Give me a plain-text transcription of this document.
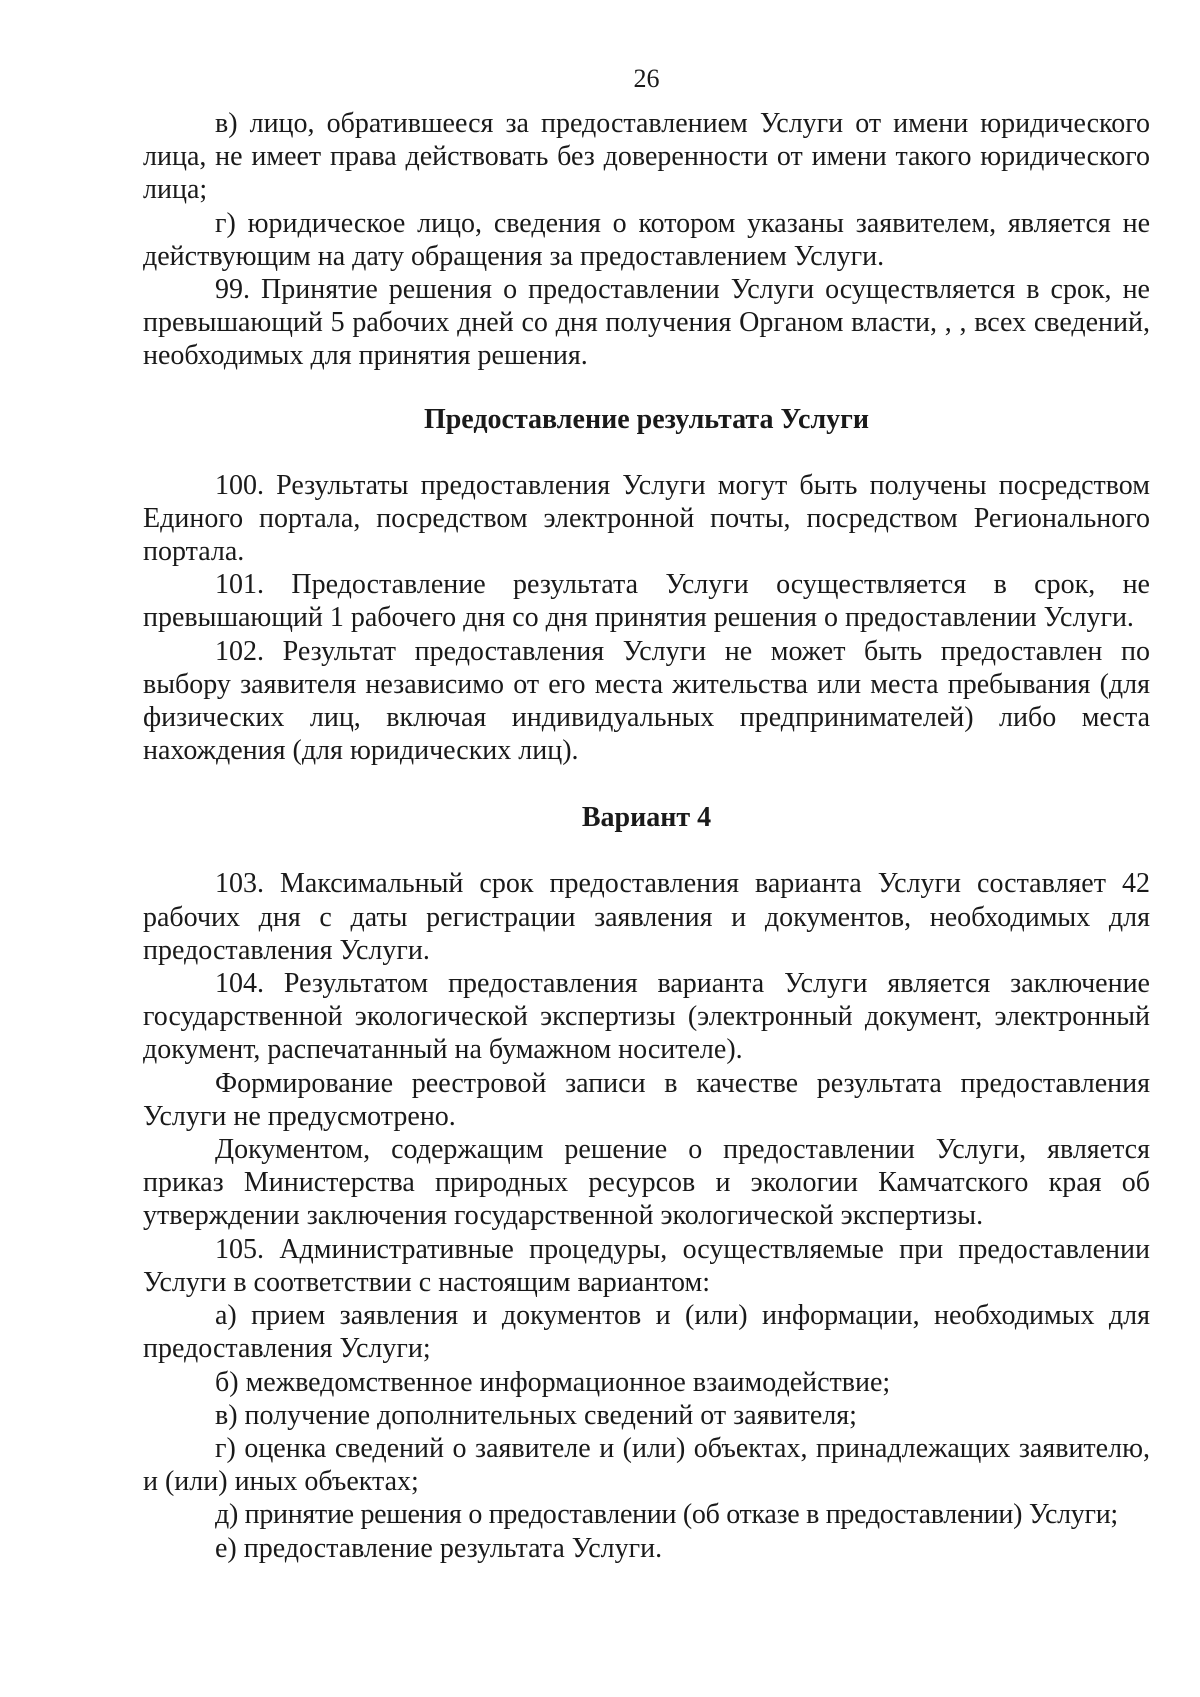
26

в) лицо, обратившееся за предоставлением Услуги от имени юридического лица, не имеет права действовать без доверенности от имени такого юридического лица;

г) юридическое лицо, сведения о котором указаны заявителем, является не действующим на дату обращения за предоставлением Услуги.

99. Принятие решения о предоставлении Услуги осуществляется в срок, не превышающий 5 рабочих дней со дня получения Органом власти, , , всех сведений, необходимых для принятия решения.

Предоставление результата Услуги

100. Результаты предоставления Услуги могут быть получены посредством Единого портала, посредством электронной почты, посредством Регионального портала.

101. Предоставление результата Услуги осуществляется в срок, не превышающий 1 рабочего дня со дня принятия решения о предоставлении Услуги.

102. Результат предоставления Услуги не может быть предоставлен по выбору заявителя независимо от его места жительства или места пребывания (для физических лиц, включая индивидуальных предпринимателей) либо места нахождения (для юридических лиц).

Вариант 4

103. Максимальный срок предоставления варианта Услуги составляет 42 рабочих дня с даты регистрации заявления и документов, необходимых для предоставления Услуги.

104. Результатом предоставления варианта Услуги является заключение государственной экологической экспертизы (электронный документ, электронный документ, распечатанный на бумажном носителе).

Формирование реестровой записи в качестве результата предоставления Услуги не предусмотрено.

Документом, содержащим решение о предоставлении Услуги, является приказ Министерства природных ресурсов и экологии Камчатского края об утверждении заключения государственной экологической экспертизы.

105. Административные процедуры, осуществляемые при предоставлении Услуги в соответствии с настоящим вариантом:

а) прием заявления и документов и (или) информации, необходимых для предоставления Услуги;

б) межведомственное информационное взаимодействие;

в) получение дополнительных сведений от заявителя;

г) оценка сведений о заявителе и (или) объектах, принадлежащих заявителю, и (или) иных объектах;

д) принятие решения о предоставлении (об отказе в предоставлении) Услуги;

е) предоставление результата Услуги.
